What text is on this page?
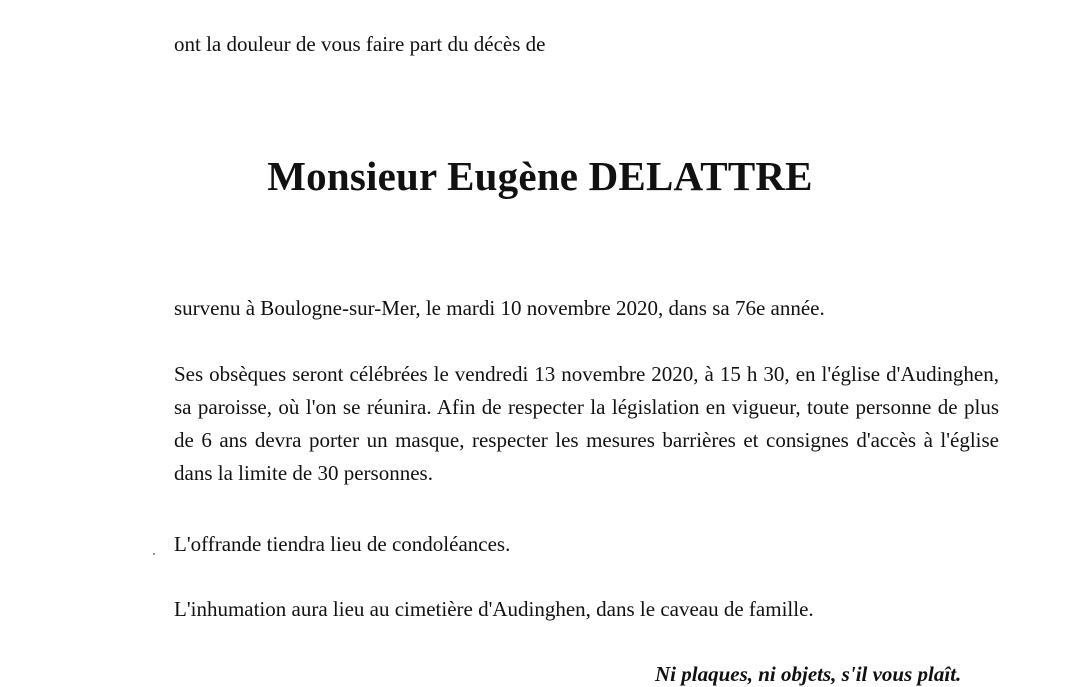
ont la douleur de vous faire part du décès de

Monsieur Eugène DELATTRE

survenu à Boulogne-sur-Mer, le mardi 10 novembre 2020, dans sa 76e année.

Ses obsèques seront célébrées le vendredi 13 novembre 2020, à 15 h 30, en l'église d'Audinghen, sa paroisse, où l'on se réunira. Afin de respecter la législation en vigueur, toute personne de plus de 6 ans devra porter un masque, respecter les mesures barrières et consignes d'accès à l'église dans la limite de 30 personnes.

L'offrande tiendra lieu de condoléances.

L'inhumation aura lieu au cimetière d'Audinghen, dans le caveau de famille.

Ni plaques, ni objets, s'il vous plaît.
